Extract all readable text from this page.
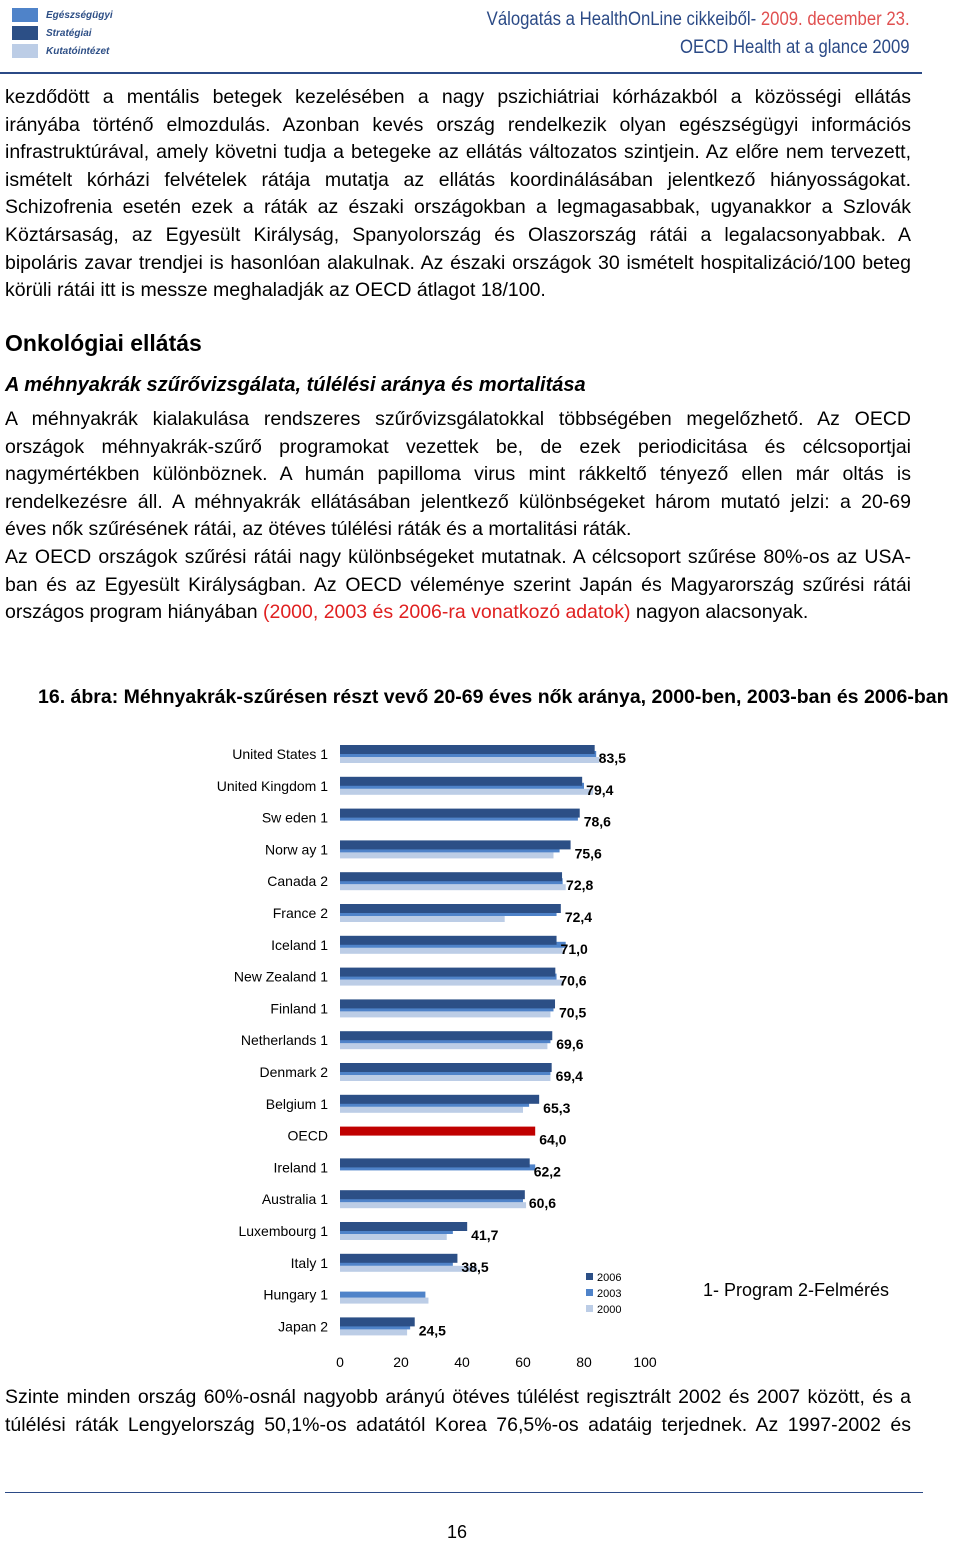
Egészségügyi
Stratégiai
Kutatóintézet
Válogatás a HealthOnLine cikkeiből- 2009. december 23.
OECD Health at a glance 2009
kezdődött a mentális betegek kezelésében a nagy pszichiátriai kórházakból a közösségi ellátás
irányába történő elmozdulás. Azonban kevés ország rendelkezik olyan egészségügyi információs
infrastruktúrával, amely követni tudja a betegeke az ellátás változatos szintjein. Az előre nem tervezett,
ismételt kórházi felvételek rátája mutatja az ellátás koordinálásában jelentkező hiányosságokat.
Schizofrenia esetén ezek a ráták az északi országokban a legmagasabbak, ugyanakkor a Szlovák
Köztársaság, az Egyesült Királyság, Spanyolország és Olaszország rátái a legalacsonyabbak. A
bipoláris zavar trendjei is hasonlóan alakulnak. Az északi országok 30 ismételt hospitalizáció/100 beteg
körüli rátái itt is messze meghaladják az OECD átlagot 18/100.
Onkológiai ellátás
A méhnyakrák szűrővizsgálata, túlélési aránya és mortalitása
A méhnyakrák kialakulása rendszeres szűrővizsgálatokkal többségében megelőzhető. Az OECD
országok méhnyakrák-szűrő programokat vezettek be, de ezek periodicitása és célcsoportjai
nagymértékben különböznek. A humán papilloma virus mint rákkeltő tényező ellen már oltás is
rendelkezésre áll. A méhnyakrák ellátásában jelentkező különbségeket három mutató jelzi: a 20-69
éves nők szűrésének rátái, az ötéves túlélési ráták és a mortalitási ráták.
Az OECD országok szűrési rátái nagy különbségeket mutatnak. A célcsoport szűrése 80%-os az USA-
ban és az Egyesült Királyságban. Az OECD véleménye szerint Japán és Magyarország szűrési rátái
országos program hiányában (2000, 2003 és 2006-ra vonatkozó adatok) nagyon alacsonyak.
16. ábra: Méhnyakrák-szűrésen részt vevő 20-69 éves nők aránya, 2000-ben, 2003-ban és 2006-ban
United States 1	83,5
United Kingdom 1	79,4
Sw eden 1	78,6
Norw ay 1	75,6
Canada 2	72,8
France 2	72,4
Iceland 1	71,0
New Zealand 1	70,6
Finland 1	70,5
Netherlands 1	69,6
Denmark 2	69,4
Belgium 1	65,3
OECD	64,0
Ireland 1	62,2
Australia 1	60,6
Luxembourg 1	41,7
Italy 1	38,5
Hungary 1
Japan 2	24,5
0	20	40	60	80	100
2006
2003
2000
1- Program 2-Felmérés
Szinte minden ország 60%-osnál nagyobb arányú ötéves túlélést regisztrált 2002 és 2007 között, és a
túlélési ráták Lengyelország 50,1%-os adatától Korea 76,5%-os adatáig terjednek. Az 1997-2002 és
16
